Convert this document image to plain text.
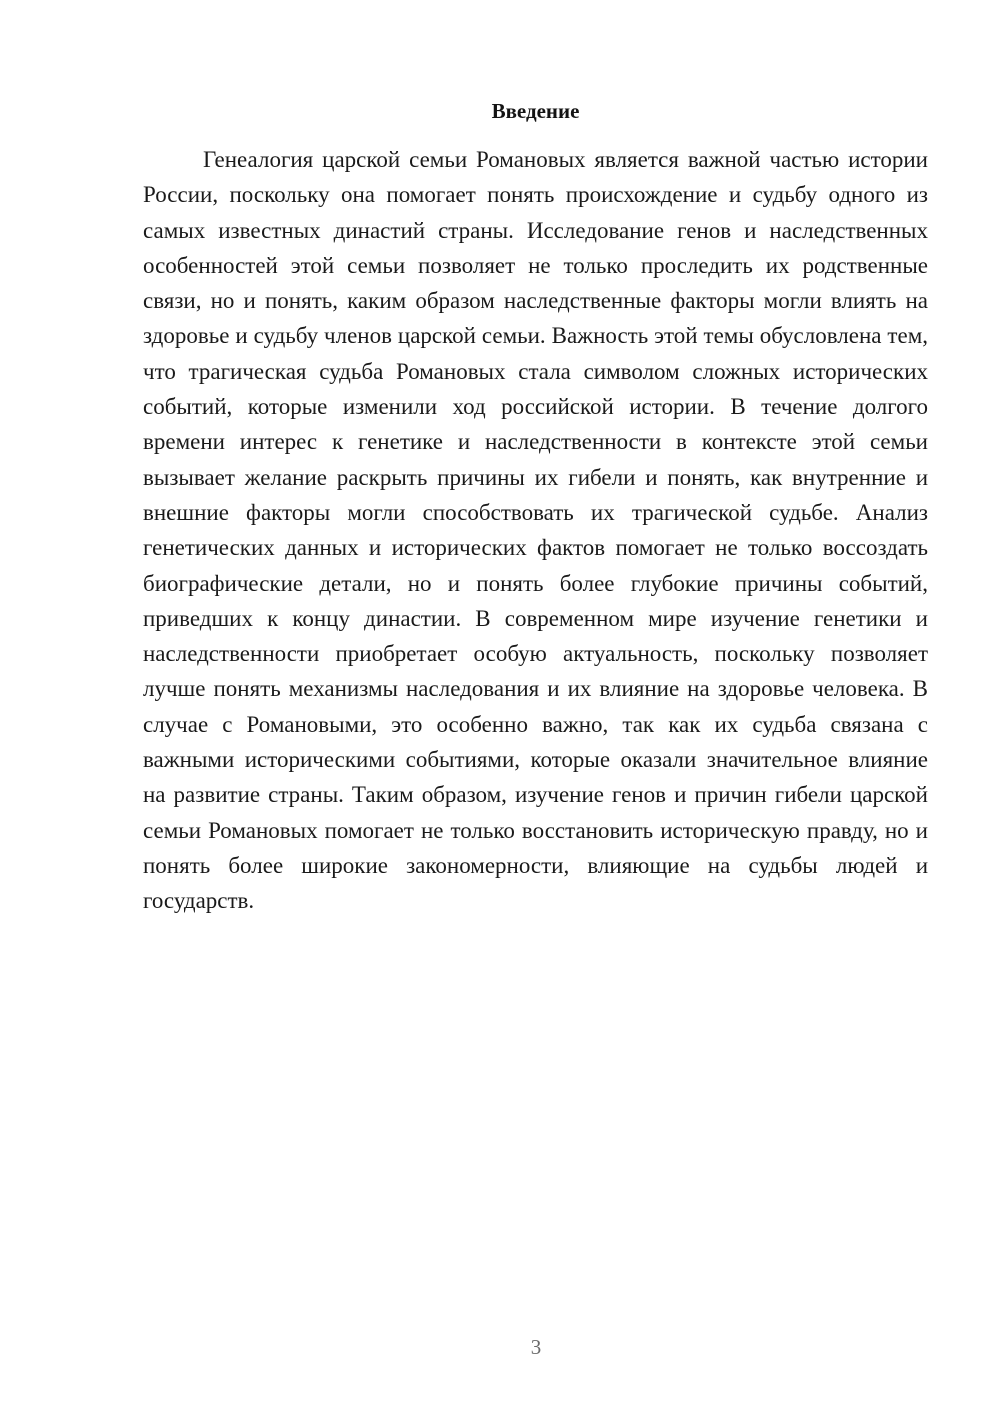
Введение

Генеалогия царской семьи Романовых является важной частью истории России, поскольку она помогает понять происхождение и судьбу одного из самых известных династий страны. Исследование генов и наследственных особенностей этой семьи позволяет не только проследить их родственные связи, но и понять, каким образом наследственные факторы могли влиять на здоровье и судьбу членов царской семьи. Важность этой темы обусловлена тем, что трагическая судьба Романовых стала символом сложных исторических событий, которые изменили ход российской истории. В течение долгого времени интерес к генетике и наследственности в контексте этой семьи вызывает желание раскрыть причины их гибели и понять, как внутренние и внешние факторы могли способствовать их трагической судьбе. Анализ генетических данных и исторических фактов помогает не только воссоздать биографические детали, но и понять более глубокие причины событий, приведших к концу династии. В современном мире изучение генетики и наследственности приобретает особую актуальность, поскольку позволяет лучше понять механизмы наследования и их влияние на здоровье человека. В случае с Романовыми, это особенно важно, так как их судьба связана с важными историческими событиями, которые оказали значительное влияние на развитие страны. Таким образом, изучение генов и причин гибели царской семьи Романовых помогает не только восстановить историческую правду, но и понять более широкие закономерности, влияющие на судьбы людей и государств.

3
